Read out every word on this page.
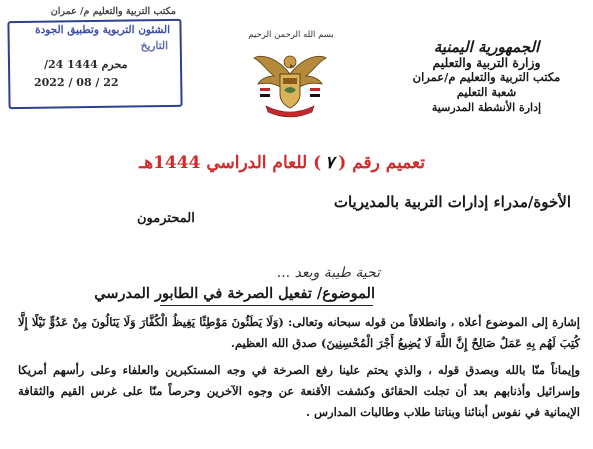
مكتب التربية والتعليم م/ عمران
الشئون التربوية وتطبيق الجودة
التاريخ
/24 محرم 1444
2022 / 08 / 22
بسم الله الرحمن الرحيم
الجمهورية اليمنية
وزارة التربية والتعليم
مكتب التربية والتعليم م/عمران
شعبة التعليم
إدارة الأنشطة المدرسية
تعميم رقم (٧) للعام الدراسي 1444هـ
الأخوة/مدراء إدارات التربية بالمديريات
المحترمون
تحية طيبة وبعد ...
الموضوع/ تفعيل الصرخة في الطابور المدرسي

إشارة إلى الموضوع أعلاه ، وانطلاقاً من قوله سبحانه وتعالى: (وَلَا يَطَئُونَ مَوْطِئًا يَغِيظُ الْكُفَّارَ وَلَا يَنَالُونَ مِنْ عَدُوٍّ نَيْلًا إِلَّا كُتِبَ لَهُم بِهِ عَمَلٌ صَالِحٌ إِنَّ اللَّهَ لَا يُضِيعُ أَجْرَ الْمُحْسِنِينَ) صدق الله العظيم.

وإيماناً منّا بالله وبصدق قوله ، والذي يحتم علينا رفع الصرخة في وجه المستكبرين والعلفاء وعلى رأسهم أمريكا وإسرائيل وأذنابهم بعد أن تجلت الحقائق وكشفت الأقنعة عن وجوه الآخرين وحرصاً منّا على غرس القيم والثقافة الإيمانية في نفوس أبنائنا وبناتنا طلاب وطالبات المدارس .
